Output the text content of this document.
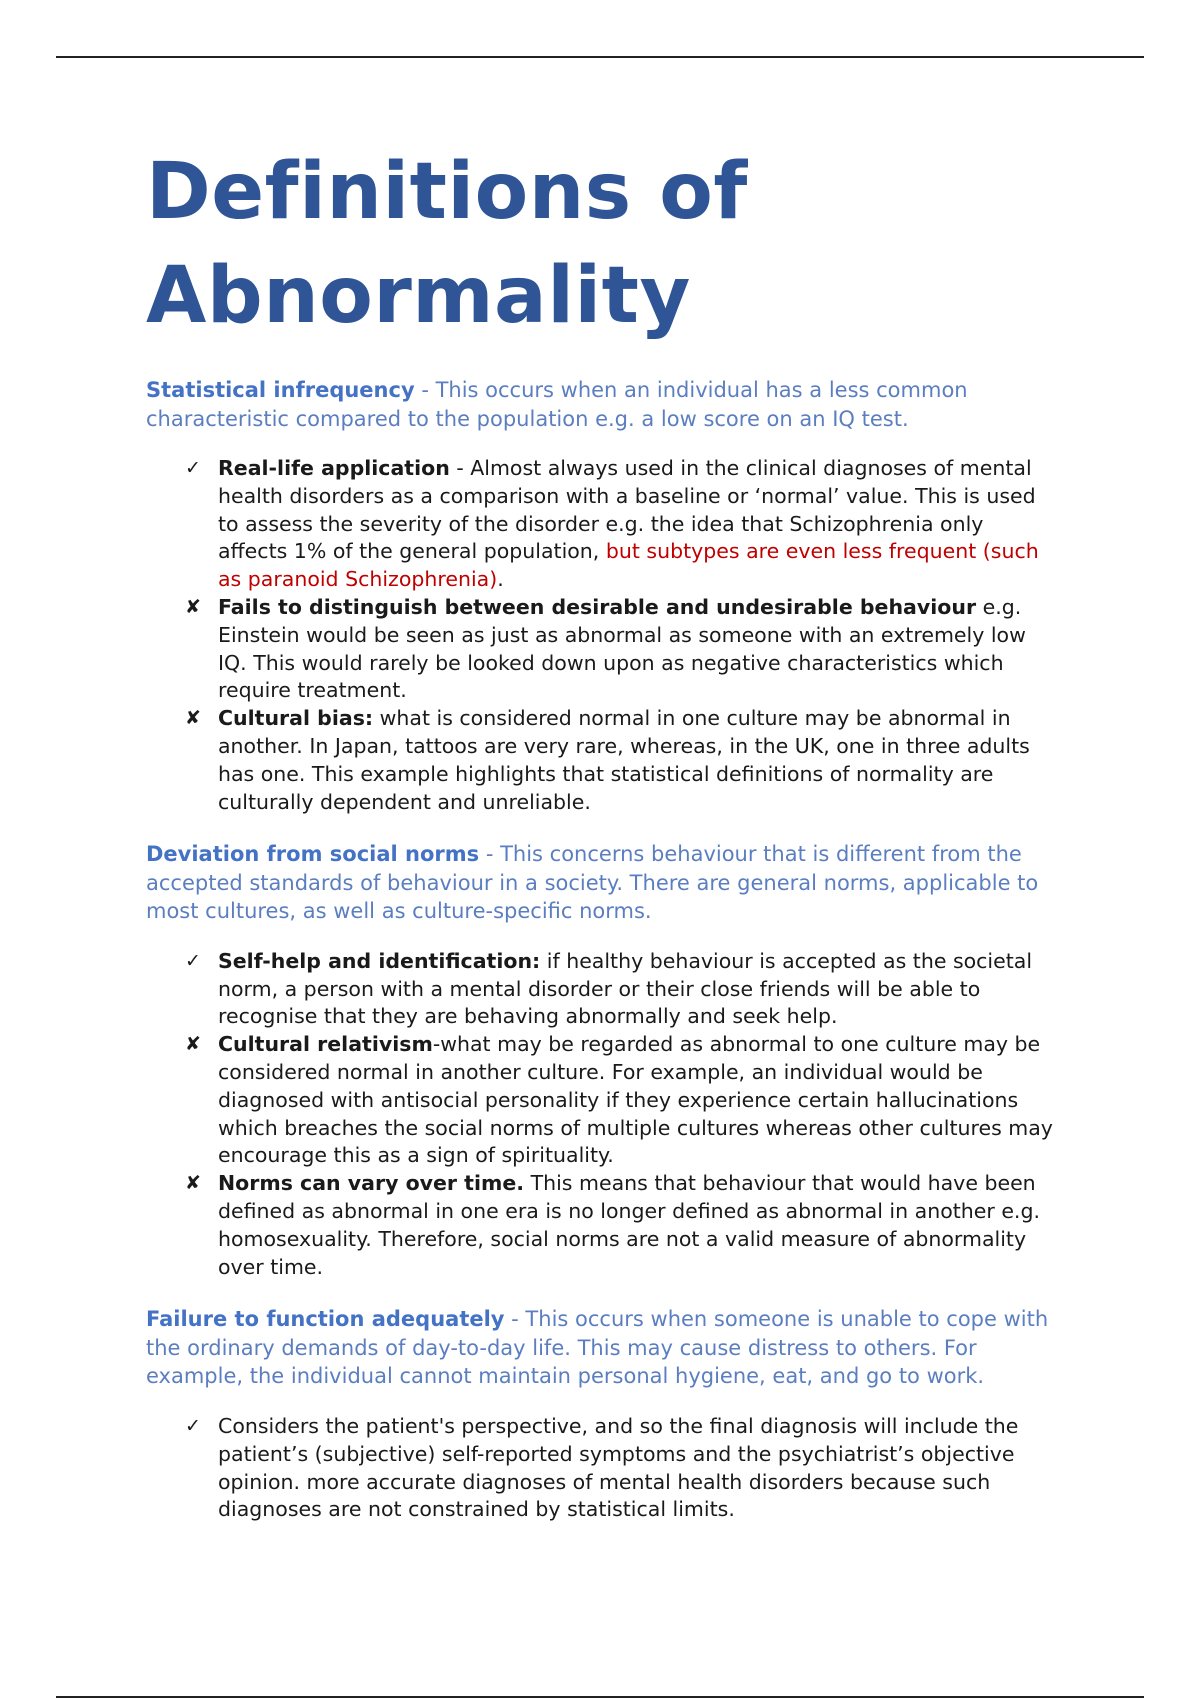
Definitions of
Abnormality

Statistical infrequency - This occurs when an individual has a less common characteristic compared to the population e.g. a low score on an IQ test.

✓ Real-life application - Almost always used in the clinical diagnoses of mental health disorders as a comparison with a baseline or ‘normal’ value. This is used to assess the severity of the disorder e.g. the idea that Schizophrenia only affects 1% of the general population, but subtypes are even less frequent (such as paranoid Schizophrenia).
✘ Fails to distinguish between desirable and undesirable behaviour e.g. Einstein would be seen as just as abnormal as someone with an extremely low IQ. This would rarely be looked down upon as negative characteristics which require treatment.
✘ Cultural bias: what is considered normal in one culture may be abnormal in another. In Japan, tattoos are very rare, whereas, in the UK, one in three adults has one. This example highlights that statistical definitions of normality are culturally dependent and unreliable.

Deviation from social norms - This concerns behaviour that is different from the accepted standards of behaviour in a society. There are general norms, applicable to most cultures, as well as culture-specific norms.

✓ Self-help and identification: if healthy behaviour is accepted as the societal norm, a person with a mental disorder or their close friends will be able to recognise that they are behaving abnormally and seek help.
✘ Cultural relativism-what may be regarded as abnormal to one culture may be considered normal in another culture. For example, an individual would be diagnosed with antisocial personality if they experience certain hallucinations which breaches the social norms of multiple cultures whereas other cultures may encourage this as a sign of spirituality.
✘ Norms can vary over time. This means that behaviour that would have been defined as abnormal in one era is no longer defined as abnormal in another e.g. homosexuality. Therefore, social norms are not a valid measure of abnormality over time.

Failure to function adequately - This occurs when someone is unable to cope with the ordinary demands of day-to-day life. This may cause distress to others. For example, the individual cannot maintain personal hygiene, eat, and go to work.

✓ Considers the patient's perspective, and so the final diagnosis will include the patient’s (subjective) self-reported symptoms and the psychiatrist’s objective opinion. more accurate diagnoses of mental health disorders because such diagnoses are not constrained by statistical limits.
